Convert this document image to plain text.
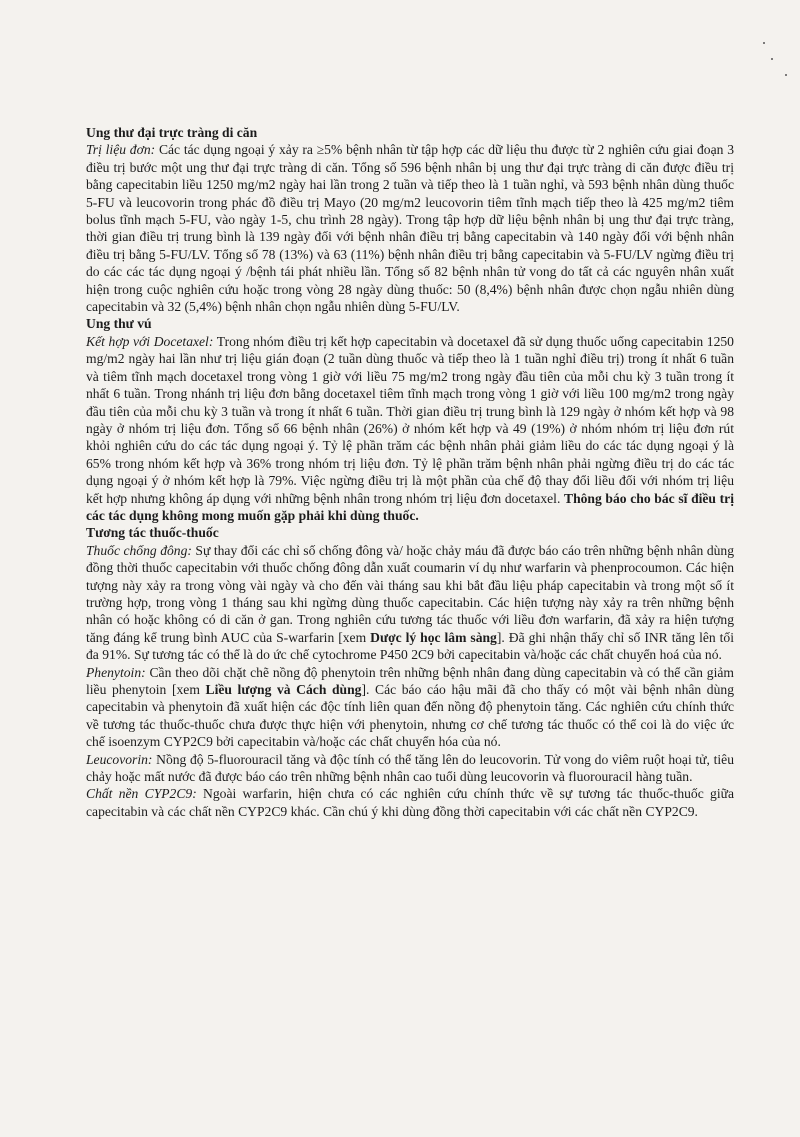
Ung thư đại trực tràng di căn

Trị liệu đơn: Các tác dụng ngoại ý xảy ra ≥5% bệnh nhân từ tập hợp các dữ liệu thu được từ 2 nghiên cứu giai đoạn 3 điều trị bước một ung thư đại trực tràng di căn. Tổng số 596 bệnh nhân bị ung thư đại trực tràng di căn được điều trị bằng capecitabin liều 1250 mg/m2 ngày hai lần trong 2 tuần và tiếp theo là 1 tuần nghỉ, và 593 bệnh nhân dùng thuốc 5-FU và leucovorin trong phác đồ điều trị Mayo (20 mg/m2 leucovorin tiêm tĩnh mạch tiếp theo là 425 mg/m2 tiêm bolus tĩnh mạch 5-FU, vào ngày 1-5, chu trình 28 ngày). Trong tập hợp dữ liệu bệnh nhân bị ung thư đại trực tràng, thời gian điều trị trung bình là 139 ngày đối với bệnh nhân điều trị bằng capecitabin và 140 ngày đối với bệnh nhân điều trị bằng 5-FU/LV. Tổng số 78 (13%) và 63 (11%) bệnh nhân điều trị bằng capecitabin và 5-FU/LV ngừng điều trị do các các tác dụng ngoại ý /bệnh tái phát nhiều lần. Tổng số 82 bệnh nhân tử vong do tất cả các nguyên nhân xuất hiện trong cuộc nghiên cứu hoặc trong vòng 28 ngày dùng thuốc: 50 (8,4%) bệnh nhân được chọn ngẫu nhiên dùng capecitabin và 32 (5,4%) bệnh nhân chọn ngẫu nhiên dùng 5-FU/LV.

Ung thư vú

Kết hợp với Docetaxel: Trong nhóm điều trị kết hợp capecitabin và docetaxel đã sử dụng thuốc uống capecitabin 1250 mg/m2 ngày hai lần như trị liệu gián đoạn (2 tuần dùng thuốc và tiếp theo là 1 tuần nghỉ điều trị) trong ít nhất 6 tuần và tiêm tĩnh mạch docetaxel trong vòng 1 giờ với liều 75 mg/m2 trong ngày đầu tiên của mỗi chu kỳ 3 tuần trong ít nhất 6 tuần. Trong nhánh trị liệu đơn bằng docetaxel tiêm tĩnh mạch trong vòng 1 giờ với liều 100 mg/m2 trong ngày đầu tiên của mỗi chu kỳ 3 tuần và trong ít nhất 6 tuần. Thời gian điều trị trung bình là 129 ngày ở nhóm kết hợp và 98 ngày ở nhóm trị liệu đơn. Tổng số 66 bệnh nhân (26%) ở nhóm kết hợp và 49 (19%) ở nhóm nhóm trị liệu đơn rút khỏi nghiên cứu do các tác dụng ngoại ý. Tỷ lệ phần trăm các bệnh nhân phải giảm liều do các tác dụng ngoại ý là 65% trong nhóm kết hợp và 36% trong nhóm trị liệu đơn. Tỷ lệ phần trăm bệnh nhân phải ngừng điều trị do các tác dụng ngoại ý ở nhóm kết hợp là 79%. Việc ngừng điều trị là một phần của chế độ thay đổi liều đối với nhóm trị liệu kết hợp nhưng không áp dụng với những bệnh nhân trong nhóm trị liệu đơn docetaxel. Thông báo cho bác sĩ điều trị các tác dụng không mong muốn gặp phải khi dùng thuốc.

Tương tác thuốc-thuốc

Thuốc chống đông: Sự thay đổi các chỉ số chống đông và/ hoặc chảy máu đã được báo cáo trên những bệnh nhân dùng đồng thời thuốc capecitabin với thuốc chống đông dẫn xuất coumarin ví dụ như warfarin và phenprocoumon. Các hiện tượng này xảy ra trong vòng vài ngày và cho đến vài tháng sau khi bắt đầu liệu pháp capecitabin và trong một số ít trường hợp, trong vòng 1 tháng sau khi ngừng dùng thuốc capecitabin. Các hiện tượng này xảy ra trên những bệnh nhân có hoặc không có di căn ở gan. Trong nghiên cứu tương tác thuốc với liều đơn warfarin, đã xảy ra hiện tượng tăng đáng kể trung bình AUC của S-warfarin [xem Dược lý học lâm sàng]. Đã ghi nhận thấy chỉ số INR tăng lên tối đa 91%. Sự tương tác có thể là do ức chế cytochrome P450 2C9 bởi capecitabin và/hoặc các chất chuyển hoá của nó.

Phenytoin: Cần theo dõi chặt chẽ nồng độ phenytoin trên những bệnh nhân đang dùng capecitabin và có thể cần giảm liều phenytoin [xem Liều lượng và Cách dùng]. Các báo cáo hậu mãi đã cho thấy có một vài bệnh nhân dùng capecitabin và phenytoin đã xuất hiện các độc tính liên quan đến nồng độ phenytoin tăng. Các nghiên cứu chính thức về tương tác thuốc-thuốc chưa được thực hiện với phenytoin, nhưng cơ chế tương tác thuốc có thể coi là do việc ức chế isoenzym CYP2C9 bởi capecitabin và/hoặc các chất chuyển hóa của nó.

Leucovorin: Nồng độ 5-fluorouracil tăng và độc tính có thể tăng lên do leucovorin. Tử vong do viêm ruột hoại tử, tiêu chảy hoặc mất nước đã được báo cáo trên những bệnh nhân cao tuổi dùng leucovorin và fluorouracil hàng tuần.

Chất nền CYP2C9: Ngoài warfarin, hiện chưa có các nghiên cứu chính thức về sự tương tác thuốc-thuốc giữa capecitabin và các chất nền CYP2C9 khác. Cần chú ý khi dùng đồng thời capecitabin với các chất nền CYP2C9.
